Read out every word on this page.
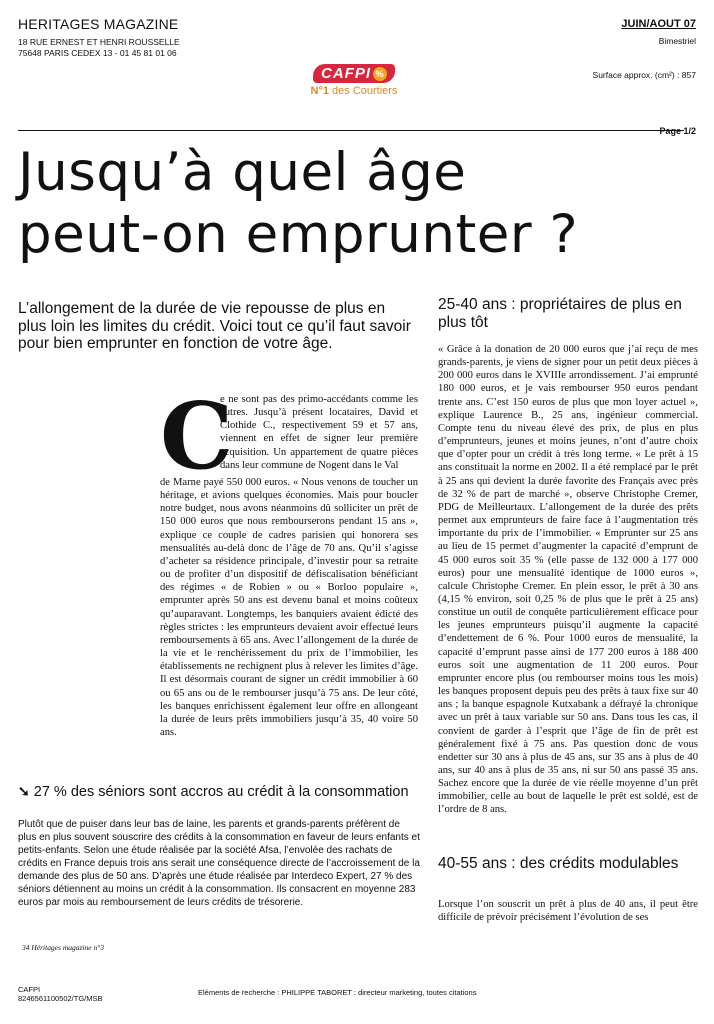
HERITAGES MAGAZINE
18 RUE ERNEST ET HENRI ROUSSELLE
75648 PARIS CEDEX 13 - 01 45 81 01 06
JUIN/AOUT 07
Bimestriel
Surface approx. (cm²) : 857
CAFPI %
N°1 des Courtiers
Page 1/2
Jusqu’à quel âge
peut-on emprunter ?
L’allongement de la durée de vie repousse de plus en plus loin les limites du crédit. Voici tout ce qu’il faut savoir pour bien emprunter en fonction de votre âge.
C
e ne sont pas des primo-accédants comme les autres. Jusqu’à présent locataires, David et Clothide C., respectivement 59 et 57 ans, viennent en effet de signer leur première acquisition. Un appartement de quatre pièces dans leur commune de Nogent dans le Val
de Marne payé 550 000 euros. « Nous venons de toucher un héritage, et avions quelques économies. Mais pour boucler notre budget, nous avons néanmoins dû solliciter un prêt de 150 000 euros que nous rembourserons pendant 15 ans », explique ce couple de cadres parisien qui honorera ses mensualités au-delà donc de l’âge de 70 ans. Qu’il s’agisse d’acheter sa résidence principale, d’investir pour sa retraite ou de profiter d’un dispositif de défiscalisation bénéficiant des régimes « de Robien » ou « Borloo populaire », emprunter après 50 ans est devenu banal et moins coûteux qu’auparavant. Longtemps, les banquiers avaient édicté des règles strictes : les emprunteurs devaient avoir effectué leurs remboursements à 65 ans. Avec l’allongement de la durée de la vie et le renchérissement du prix de l’immobilier, les établissements ne rechignent plus à relever les limites d’âge. Il est désormais courant de signer un crédit immobilier à 60 ou 65 ans ou de le rembourser jusqu’à 75 ans. De leur côté, les banques enrichissent également leur offre en allongeant la durée de leurs prêts immobiliers jusqu’à 35, 40 voire 50 ans.
➘ 27 % des séniors sont accros au crédit à la consommation
Plutôt que de puiser dans leur bas de laine, les parents et grands-parents préfèrent de plus en plus souvent souscrire des crédits à la consommation en faveur de leurs enfants et petits-enfants. Selon une étude réalisée par la société Afsa, l’envolée des rachats de crédits en France depuis trois ans serait une conséquence directe de l’accroissement de la demande des plus de 50 ans. D’après une étude réalisée par Interdeco Expert, 27 % des séniors détiennent au moins un crédit à la consommation. Ils consacrent en moyenne 283 euros par mois au remboursement de leurs crédits de trésorerie.
34 Héritages magazine n°3
25-40 ans : propriétaires de plus en plus tôt
« Grâce à la donation de 20 000 euros que j’ai reçu de mes grands-parents, je viens de signer pour un petit deux pièces à 200 000 euros dans le XVIIIe arrondissement. J’ai emprunté 180 000 euros, et je vais rembourser 950 euros pendant trente ans. C’est 150 euros de plus que mon loyer actuel », explique Laurence B., 25 ans, ingénieur commercial. Compte tenu du niveau élevé des prix, de plus en plus d’emprunteurs, jeunes et moins jeunes, n’ont d’autre choix que d’opter pour un crédit à très long terme. « Le prêt à 15 ans constituait la norme en 2002. Il a été remplacé par le prêt à 25 ans qui devient la durée favorite des Français avec près de 32 % de part de marché », observe Christophe Cremer, PDG de Meilleurtaux. L’allongement de la durée des prêts permet aux emprunteurs de faire face à l’augmentation très importante du prix de l’immobilier. « Emprunter sur 25 ans au lieu de 15 permet d’augmenter la capacité d’emprunt de 45 000 euros soit 35 % (elle passe de 132 000 à 177 000 euros) pour une mensualité identique de 1000 euros », calcule Christophe Cremer. En plein essor, le prêt à 30 ans (4,15 % environ, soit 0,25 % de plus que le prêt à 25 ans) constitue un outil de conquête particulièrement efficace pour les jeunes emprunteurs puisqu’il augmente la capacité d’endettement de 6 %. Pour 1000 euros de mensualité, la capacité d’emprunt passe ainsi de 177 200 euros à 188 400 euros soit une augmentation de 11 200 euros. Pour emprunter encore plus (ou rembourser moins tous les mois) les banques proposent depuis peu des prêts à taux fixe sur 40 ans ; la banque espagnole Kutxabank a défrayé la chronique avec un prêt à taux variable sur 50 ans. Dans tous les cas, il convient de garder à l’esprit que l’âge de fin de prêt est généralement fixé à 75 ans. Pas question donc de vous endetter sur 30 ans à plus de 45 ans, sur 35 ans à plus de 40 ans, sur 40 ans à plus de 35 ans, ni sur 50 ans passé 35 ans. Sachez encore que la durée de vie réelle moyenne d’un prêt immobilier, celle au bout de laquelle le prêt est soldé, est de l’ordre de 8 ans.
40-55 ans : des crédits modulables
Lorsque l’on souscrit un prêt à plus de 40 ans, il peut être difficile de prévoir précisément l’évolution de ses
CAFPI
8246561100502/TG/MSB
Eléments de recherche : PHILIPPE TABORET : directeur marketing, toutes citations
